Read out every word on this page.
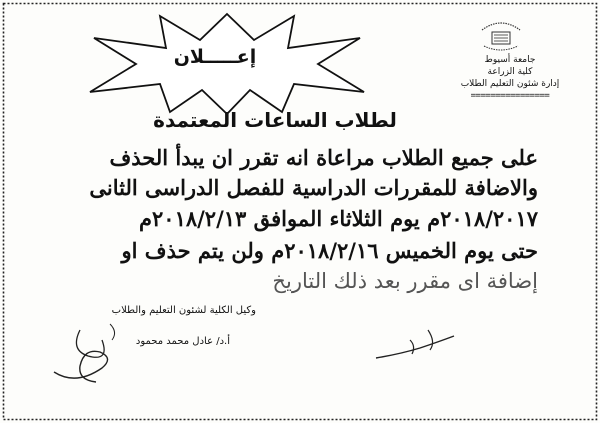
جامعة أسيوط
كلية الزراعة
إدارة شئون التعليم الطلاب
================
إعـــــلان
لطلاب الساعات المعتمدة
على جميع الطلاب مراعاة انه تقرر ان يبدأ الحذف
والاضافة للمقررات الدراسية للفصل الدراسى الثانى
٢٠١٨/٢٠١٧م يوم الثلاثاء الموافق ٢٠١٨/٢/١٣م
حتى يوم الخميس ٢٠١٨/٢/١٦م ولن يتم حذف او
إضافة اى مقرر بعد ذلك التاريخ
وكيل الكلية لشئون التعليم والطلاب
أ.د/ عادل محمد محمود
